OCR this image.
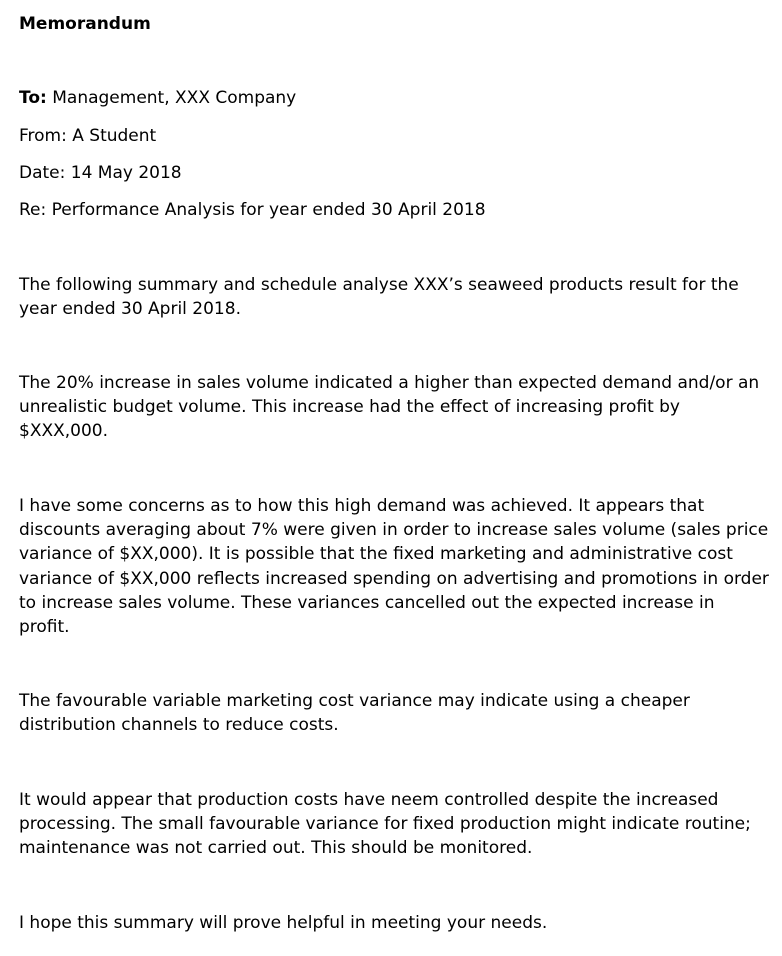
Memorandum

To: Management, XXX Company

From: A Student

Date: 14 May 2018

Re: Performance Analysis for year ended 30 April 2018

The following summary and schedule analyse XXX’s seaweed products result for the year ended 30 April 2018.

The 20% increase in sales volume indicated a higher than expected demand and/or an unrealistic budget volume. This increase had the effect of increasing profit by $XXX,000.

I have some concerns as to how this high demand was achieved. It appears that discounts averaging about 7% were given in order to increase sales volume (sales price variance of $XX,000). It is possible that the fixed marketing and administrative cost variance of $XX,000 reflects increased spending on advertising and promotions in order to increase sales volume. These variances cancelled out the expected increase in profit.

The favourable variable marketing cost variance may indicate using a cheaper distribution channels to reduce costs.

It would appear that production costs have neem controlled despite the increased processing. The small favourable variance for fixed production might indicate routine; maintenance was not carried out. This should be monitored.

I hope this summary will prove helpful in meeting your needs.
